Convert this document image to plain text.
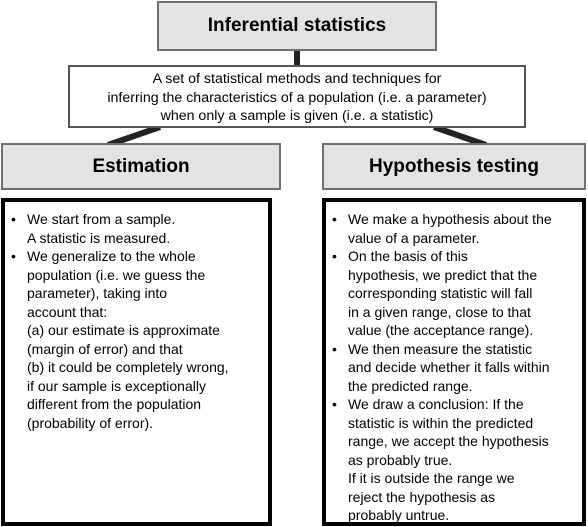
Inferential statistics
A set of statistical methods and techniques for
inferring the characteristics of a population (i.e. a parameter)
when only a sample is given (i.e. a statistic)
Estimation	Hypothesis testing
• We start from a sample.
A statistic is measured.
• We generalize to the whole
population (i.e. we guess the
parameter), taking into
account that:
(a) our estimate is approximate
(margin of error) and that
(b) it could be completely wrong,
if our sample is exceptionally
different from the population
(probability of error).
• We make a hypothesis about the
value of a parameter.
• On the basis of this
hypothesis, we predict that the
corresponding statistic will fall
in a given range, close to that
value (the acceptance range).
• We then measure the statistic
and decide whether it falls within
the predicted range.
• We draw a conclusion: If the
statistic is within the predicted
range, we accept the hypothesis
as probably true.
If it is outside the range we
reject the hypothesis as
probably untrue.
